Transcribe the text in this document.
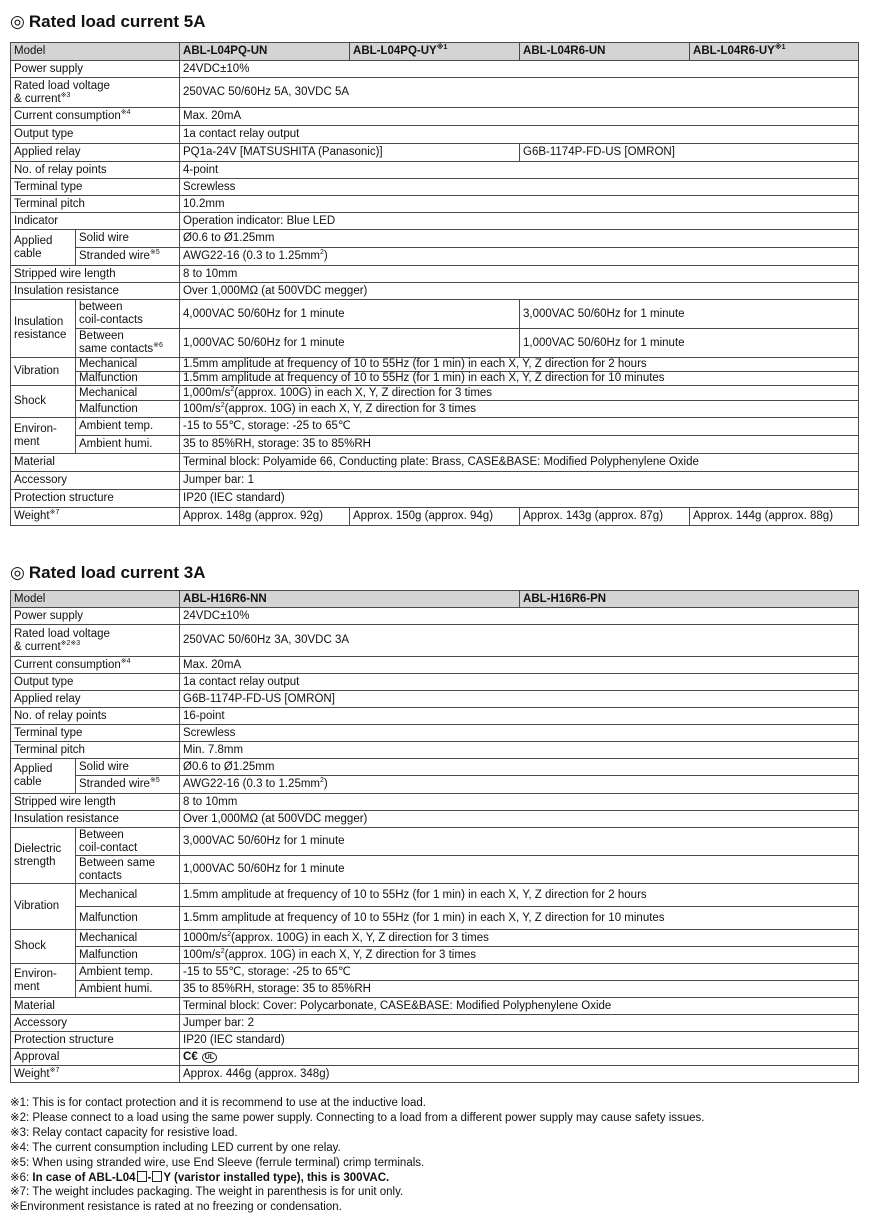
◎ Rated load current 5A
Model		ABL-L04PQ-UN	ABL-L04PQ-UY$^{※1}$	ABL-L04R6-UN	ABL-L04R6-UY$^{※1}$
Power supply		24VDC±10%			
Rated load voltage
& current$^{※3}$		250VAC 50/60Hz 5A, 30VDC 5A			
Current consumption$^{※4}$		Max. 20mA			
Output type		1a contact relay output			
Applied relay		PQ1a-24V [MATSUSHITA (Panasonic)]		G6B-1174P-FD-US [OMRON]	
No. of relay points		4-point			
Terminal type		Screwless			
Terminal pitch		10.2mm			
Indicator		Operation indicator: Blue LED			
Applied
cable	Solid wire	Ø0.6 to Ø1.25mm			
	Stranded wire$^{※5}$	AWG22-16 (0.3 to $1.25mm^2$)			
Stripped wire length		8 to 10mm			
Insulation resistance		Over 1,000MΩ (at 500VDC megger)			
Insulation
resistance	between
coil-contacts	4,000VAC 50/60Hz for 1 minute		3,000VAC 50/60Hz for 1 minute	
	Between
same contacts$^{※6}$	1,000VAC 50/60Hz for 1 minute		1,000VAC 50/60Hz for 1 minute	
Vibration	Mechanical	1.5mm amplitude at frequency of 10 to 55Hz (for 1 min) in each X, Y, Z direction for 2 hours			
	Malfunction	1.5mm amplitude at frequency of 10 to 55Hz (for 1 min) in each X, Y, Z direction for 10 minutes			
Shock	Mechanical	$1,000m/s^2(approx$. 100G) in each X, Y, Z direction for 3 times			
	Malfunction	$100m/s^2(approx$. 10G) in each X, Y, Z direction for 3 times			
Environ-
ment	Ambient temp.	-15 to 55℃, storage: -25 to 65℃			
	Ambient humi.	35 to 85%RH, storage: 35 to 85%RH			
Material		Terminal block: Polyamide 66, Conducting plate: Brass, CASE&BASE: Modified Polyphenylene Oxide			
Accessory		Jumper bar: 1			
Protection structure		IP20 (IEC standard)			
Weight$^{※7}$		Approx. 148g (approx. 92g)	Approx. 150g (approx. 94g)	Approx. 143g (approx. 87g)	Approx. 144g (approx. 88g)
◎ Rated load current 3A
Model		ABL-H16R6-NN	ABL-H16R6-PN
Power supply		24VDC±10%	
Rated load voltage
& current$^{※2※3}$		250VAC 50/60Hz 3A, 30VDC 3A	
Current consumption$^{※4}$		Max. 20mA	
Output type		1a contact relay output	
Applied relay		G6B-1174P-FD-US [OMRON]	
No. of relay points		16-point	
Terminal type		Screwless	
Terminal pitch		Min. 7.8mm	
Applied
cable	Solid wire	Ø0.6 to Ø1.25mm	
	Stranded wire$^{※5}$	AWG22-16 (0.3 to $1.25mm^2$)	
Stripped wire length		8 to 10mm	
Insulation resistance		Over 1,000MΩ (at 500VDC megger)	
Dielectric
strength	Between
coil-contact	3,000VAC 50/60Hz for 1 minute	
	Between same
contacts	1,000VAC 50/60Hz for 1 minute	
Vibration	Mechanical	1.5mm amplitude at frequency of 10 to 55Hz (for 1 min) in each X, Y, Z direction for 2 hours	
	Malfunction	1.5mm amplitude at frequency of 10 to 55Hz (for 1 min) in each X, Y, Z direction for 10 minutes	
Shock	Mechanical	$1000m/s^2(approx$. 100G) in each X, Y, Z direction for 3 times	
	Malfunction	$100m/s^2(approx$. 10G) in each X, Y, Z direction for 3 times	
Environ-
ment	Ambient temp.	-15 to 55℃, storage: -25 to 65℃	
	Ambient humi.	35 to 85%RH, storage: 35 to 85%RH	
Material		Terminal block: Cover: Polycarbonate, CASE&BASE: Modified Polyphenylene Oxide	
Accessory		Jumper bar: 2	
Protection structure		IP20 (IEC standard)	
Approval		C€ UL	

Weight$^{※7}$		Approx. 446g (approx. 348g)	
※1: This is for contact protection and it is recommend to use at the inductive load.
※2: Please connect to a load using the same power supply. Connecting to a load from a different power supply may cause safety issues.
※3: Relay contact capacity for resistive load.
※4: The current consumption including LED current by one relay.
※5: When using stranded wire, use End Sleeve (ferrule terminal) crimp terminals.
※6: In case of ABL-L04 - Y (varistor installed type), this is 300VAC.
※7: The weight includes packaging. The weight in parenthesis is for unit only.
※Environment resistance is rated at no freezing or condensation.
